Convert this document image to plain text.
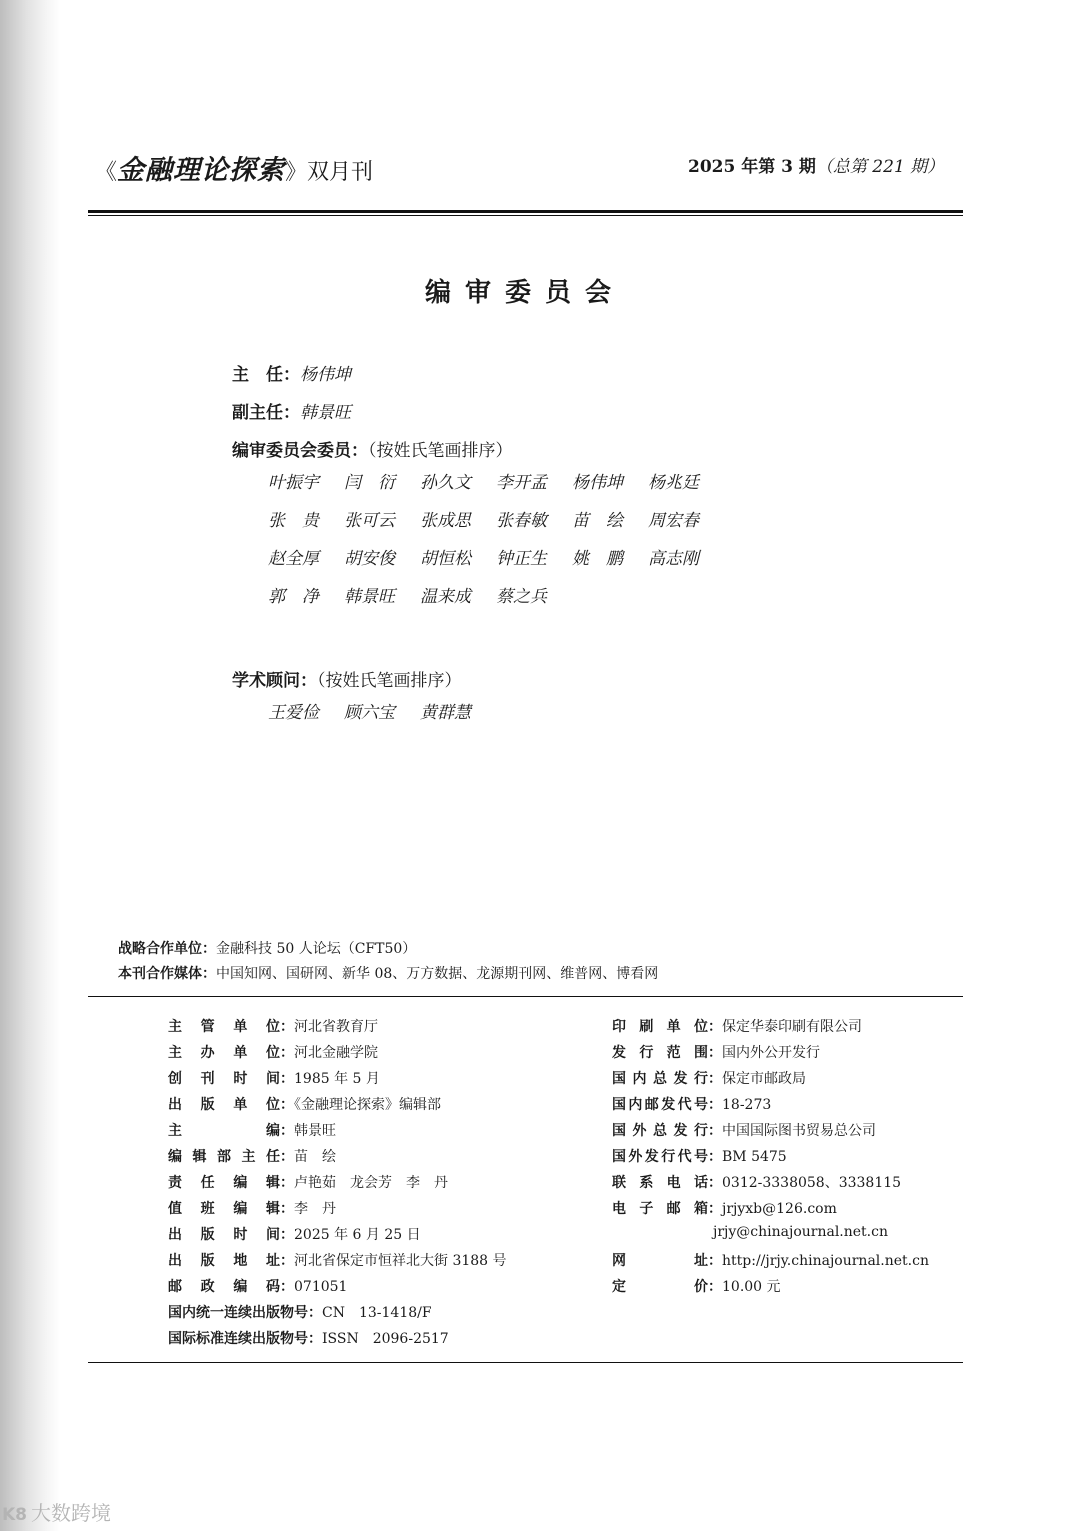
《金融理论探索》双月刊	2025 年第 3 期（总第 221 期）
编审委员会
主　任：杨伟坤
副主任：韩景旺
编审委员会委员：（按姓氏笔画排序）
叶振宇	闫　衍	孙久文	李开孟	杨伟坤	杨兆廷
张　贵	张可云	张成思	张春敏	苗　绘	周宏春
赵全厚	胡安俊	胡恒松	钟正生	姚　鹏	高志刚
郭　净	韩景旺	温来成	蔡之兵
学术顾问：（按姓氏笔画排序）
王爱俭	顾六宝	黄群慧
战略合作单位：金融科技 50 人论坛（CFT50）
本刊合作媒体：中国知网、国研网、新华 08、万方数据、龙源期刊网、维普网、博看网
主管单位：河北省教育厅
主办单位：河北金融学院
创刊时间：1985 年 5 月
出版单位：《金融理论探索》编辑部
主编：韩景旺
编辑部主任：苗　绘
责任编辑：卢艳茹　龙会芳　李　丹
值班编辑：李　丹
出版时间：2025 年 6 月 25 日
出版地址：河北省保定市恒祥北大街 3188 号
邮政编码：071051
国内统一连续出版物号：CN　13-1418/F
国际标准连续出版物号：ISSN　2096-2517
印刷单位：保定华泰印刷有限公司
发行范围：国内外公开发行
国内总发行：保定市邮政局
国内邮发代号：18-273
国外总发行：中国国际图书贸易总公司
国外发行代号：BM 5475
联系电话：0312-3338058、3338115
电子邮箱：jrjyxb@126.com
jrjy@chinajournal.net.cn
网址：http://jrjy.chinajournal.net.cn
定价：10.00 元
K8 大数跨境
